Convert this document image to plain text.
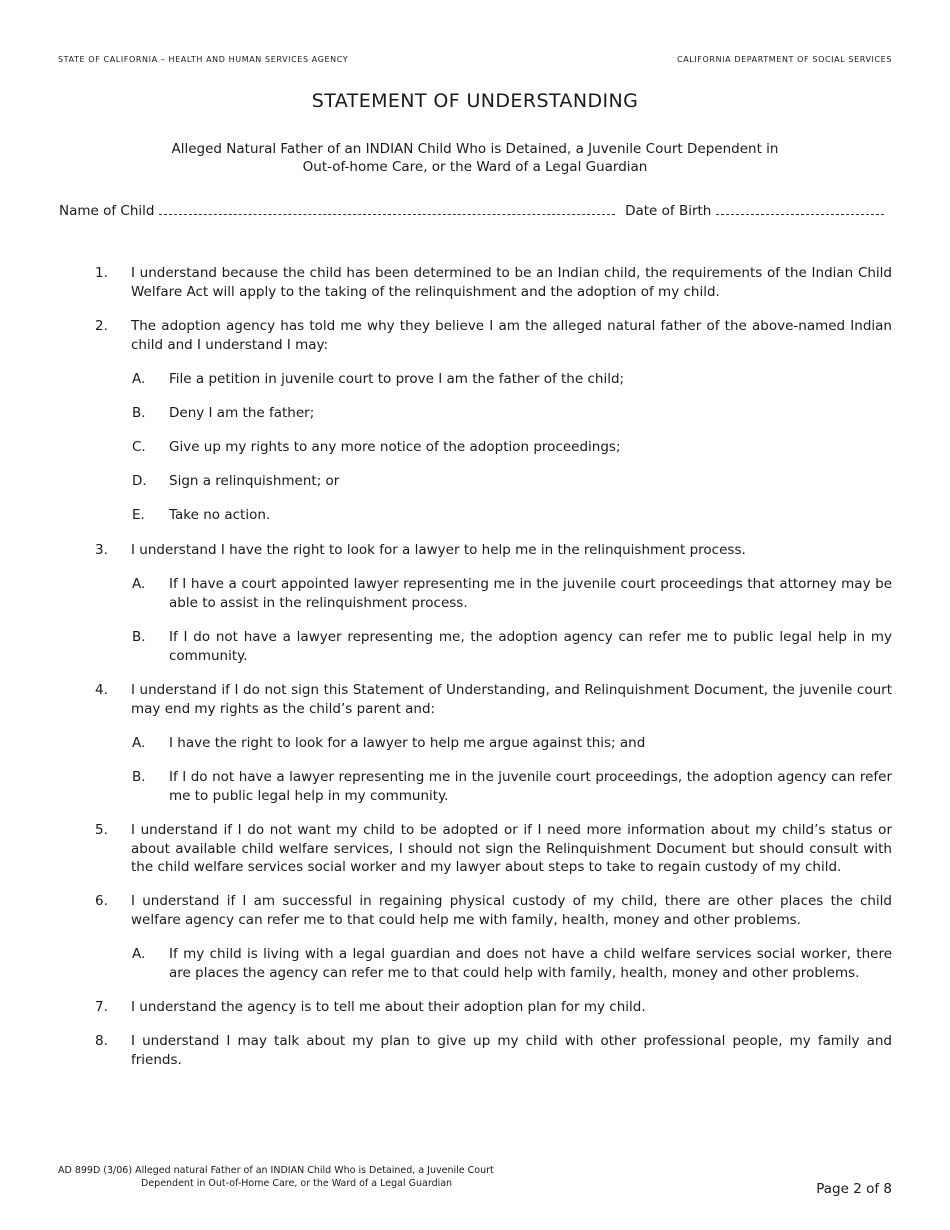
STATE OF CALIFORNIA – HEALTH AND HUMAN SERVICES AGENCY	CALIFORNIA DEPARTMENT OF SOCIAL SERVICES
STATEMENT OF UNDERSTANDING
Alleged Natural Father of an INDIAN Child Who is Detained, a Juvenile Court Dependent in
Out-of-home Care, or the Ward of a Legal Guardian
Name of Child	Date of Birth
1. I understand because the child has been determined to be an Indian child, the requirements of the Indian Child Welfare Act will apply to the taking of the relinquishment and the adoption of my child.
2. The adoption agency has told me why they believe I am the alleged natural father of the above-named Indian child and I understand I may:
A. File a petition in juvenile court to prove I am the father of the child;
B. Deny I am the father;
C. Give up my rights to any more notice of the adoption proceedings;
D. Sign a relinquishment; or
E. Take no action.
3. I understand I have the right to look for a lawyer to help me in the relinquishment process.
A. If I have a court appointed lawyer representing me in the juvenile court proceedings that attorney may be able to assist in the relinquishment process.
B. If I do not have a lawyer representing me, the adoption agency can refer me to public legal help in my community.
4. I understand if I do not sign this Statement of Understanding, and Relinquishment Document, the juvenile court may end my rights as the child’s parent and:
A. I have the right to look for a lawyer to help me argue against this; and
B. If I do not have a lawyer representing me in the juvenile court proceedings, the adoption agency can refer me to public legal help in my community.
5. I understand if I do not want my child to be adopted or if I need more information about my child’s status or about available child welfare services, I should not sign the Relinquishment Document but should consult with the child welfare services social worker and my lawyer about steps to take to regain custody of my child.
6. I understand if I am successful in regaining physical custody of my child, there are other places the child welfare agency can refer me to that could help me with family, health, money and other problems.
A. If my child is living with a legal guardian and does not have a child welfare services social worker, there are places the agency can refer me to that could help with family, health, money and other problems.
7. I understand the agency is to tell me about their adoption plan for my child.
8. I understand I may talk about my plan to give up my child with other professional people, my family and friends.
AD 899D (3/06) Alleged natural Father of an INDIAN Child Who is Detained, a Juvenile Court
Dependent in Out-of-Home Care, or the Ward of a Legal Guardian	Page 2 of 8
